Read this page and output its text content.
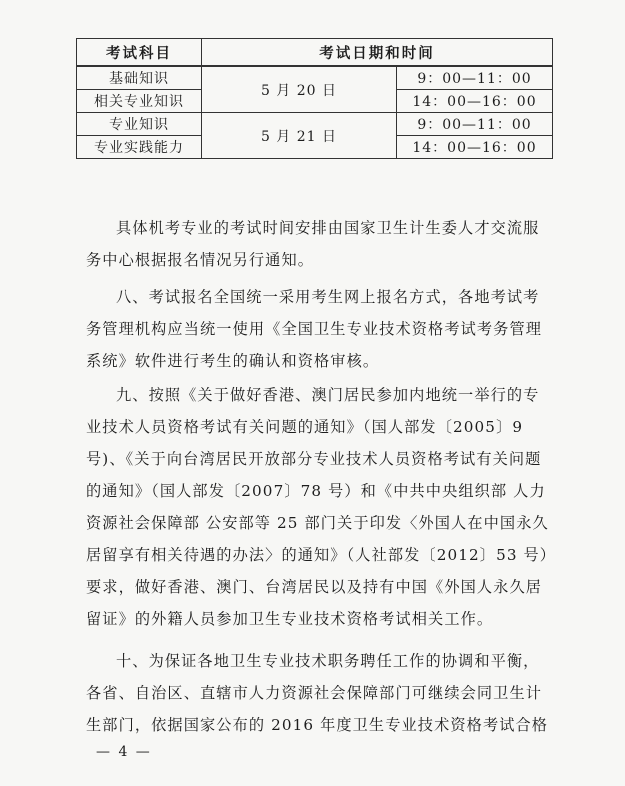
考试科目	考试日期和时间	
基础知识	5 月 20 日	9：00—11：00
相关专业知识		14：00—16：00
专业知识	5 月 21 日	9：00—11：00
专业实践能力		14：00—16：00

具体机考专业的考试时间安排由国家卫生计生委人才交流服
务中心根据报名情况另行通知。

八、考试报名全国统一采用考生网上报名方式，各地考试考
务管理机构应当统一使用《全国卫生专业技术资格考试考务管理
系统》软件进行考生的确认和资格审核。

九、按照《关于做好香港、澳门居民参加内地统一举行的专
业技术人员资格考试有关问题的通知》（国人部发〔2005〕9
号)、《关于向台湾居民开放部分专业技术人员资格考试有关问题
的通知》（国人部发〔2007〕78 号）和《中共中央组织部 人力
资源社会保障部 公安部等 25 部门关于印发〈外国人在中国永久
居留享有相关待遇的办法〉的通知》（人社部发〔2012〕53 号）
要求，做好香港、澳门、台湾居民以及持有中国《外国人永久居
留证》的外籍人员参加卫生专业技术资格考试相关工作。

十、为保证各地卫生专业技术职务聘任工作的协调和平衡，
各省、自治区、直辖市人力资源社会保障部门可继续会同卫生计
生部门，依据国家公布的 2016 年度卫生专业技术资格考试合格

— 4 —
